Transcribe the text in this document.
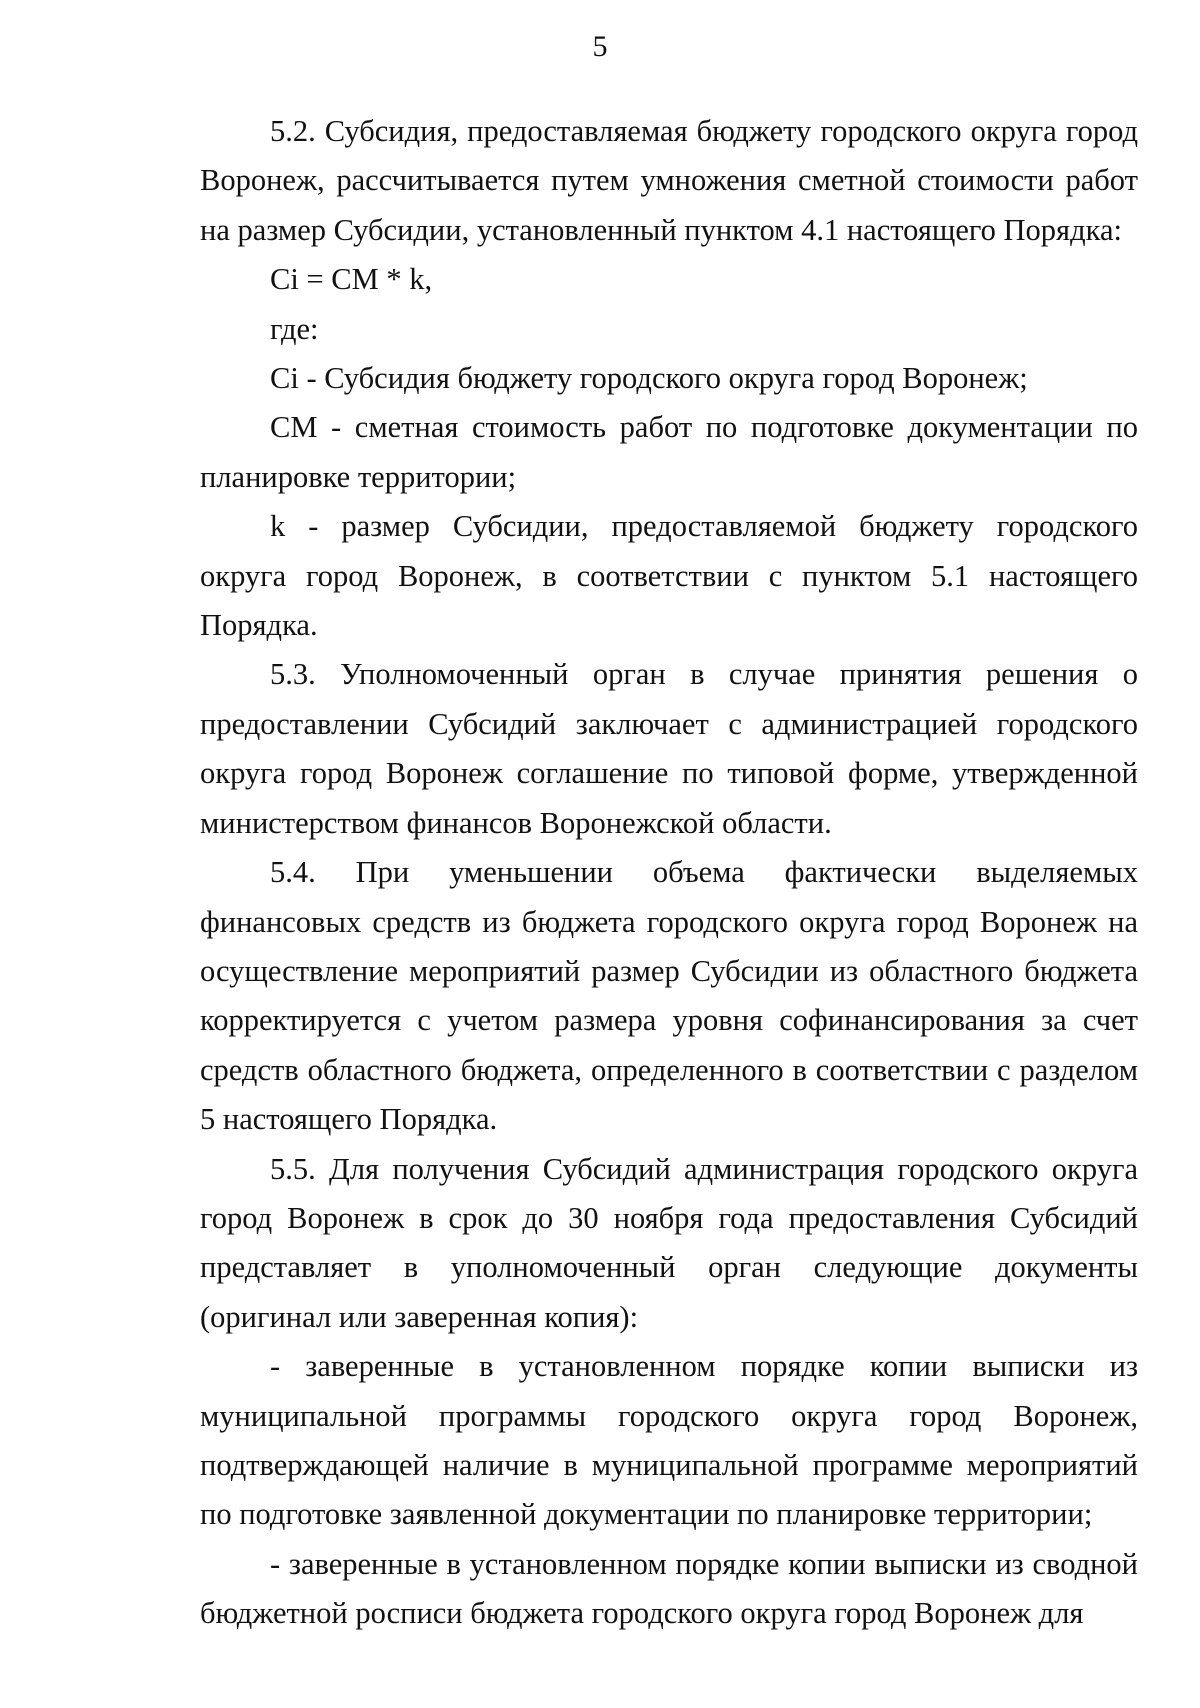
5

5.2. Субсидия, предоставляемая бюджету городского округа город Воронеж, рассчитывается путем умножения сметной стоимости работ на размер Субсидии, установленный пунктом 4.1 настоящего Порядка:

Ci = CM * k,

где:

Ci - Субсидия бюджету городского округа город Воронеж;

CM - сметная стоимость работ по подготовке документации по планировке территории;

k - размер Субсидии, предоставляемой бюджету городского округа город Воронеж, в соответствии с пунктом 5.1 настоящего Порядка.

5.3. Уполномоченный орган в случае принятия решения о предоставлении Субсидий заключает с администрацией городского округа город Воронеж соглашение по типовой форме, утвержденной министерством финансов Воронежской области.

5.4. При уменьшении объема фактически выделяемых финансовых средств из бюджета городского округа город Воронеж на осуществление мероприятий размер Субсидии из областного бюджета корректируется с учетом размера уровня софинансирования за счет средств областного бюджета, определенного в соответствии с разделом 5 настоящего Порядка.

5.5. Для получения Субсидий администрация городского округа город Воронеж в срок до 30 ноября года предоставления Субсидий представляет в уполномоченный орган следующие документы (оригинал или заверенная копия):

- заверенные в установленном порядке копии выписки из муниципальной программы городского округа город Воронеж, подтверждающей наличие в муниципальной программе мероприятий по подготовке заявленной документации по планировке территории;

- заверенные в установленном порядке копии выписки из сводной бюджетной росписи бюджета городского округа город Воронеж для
